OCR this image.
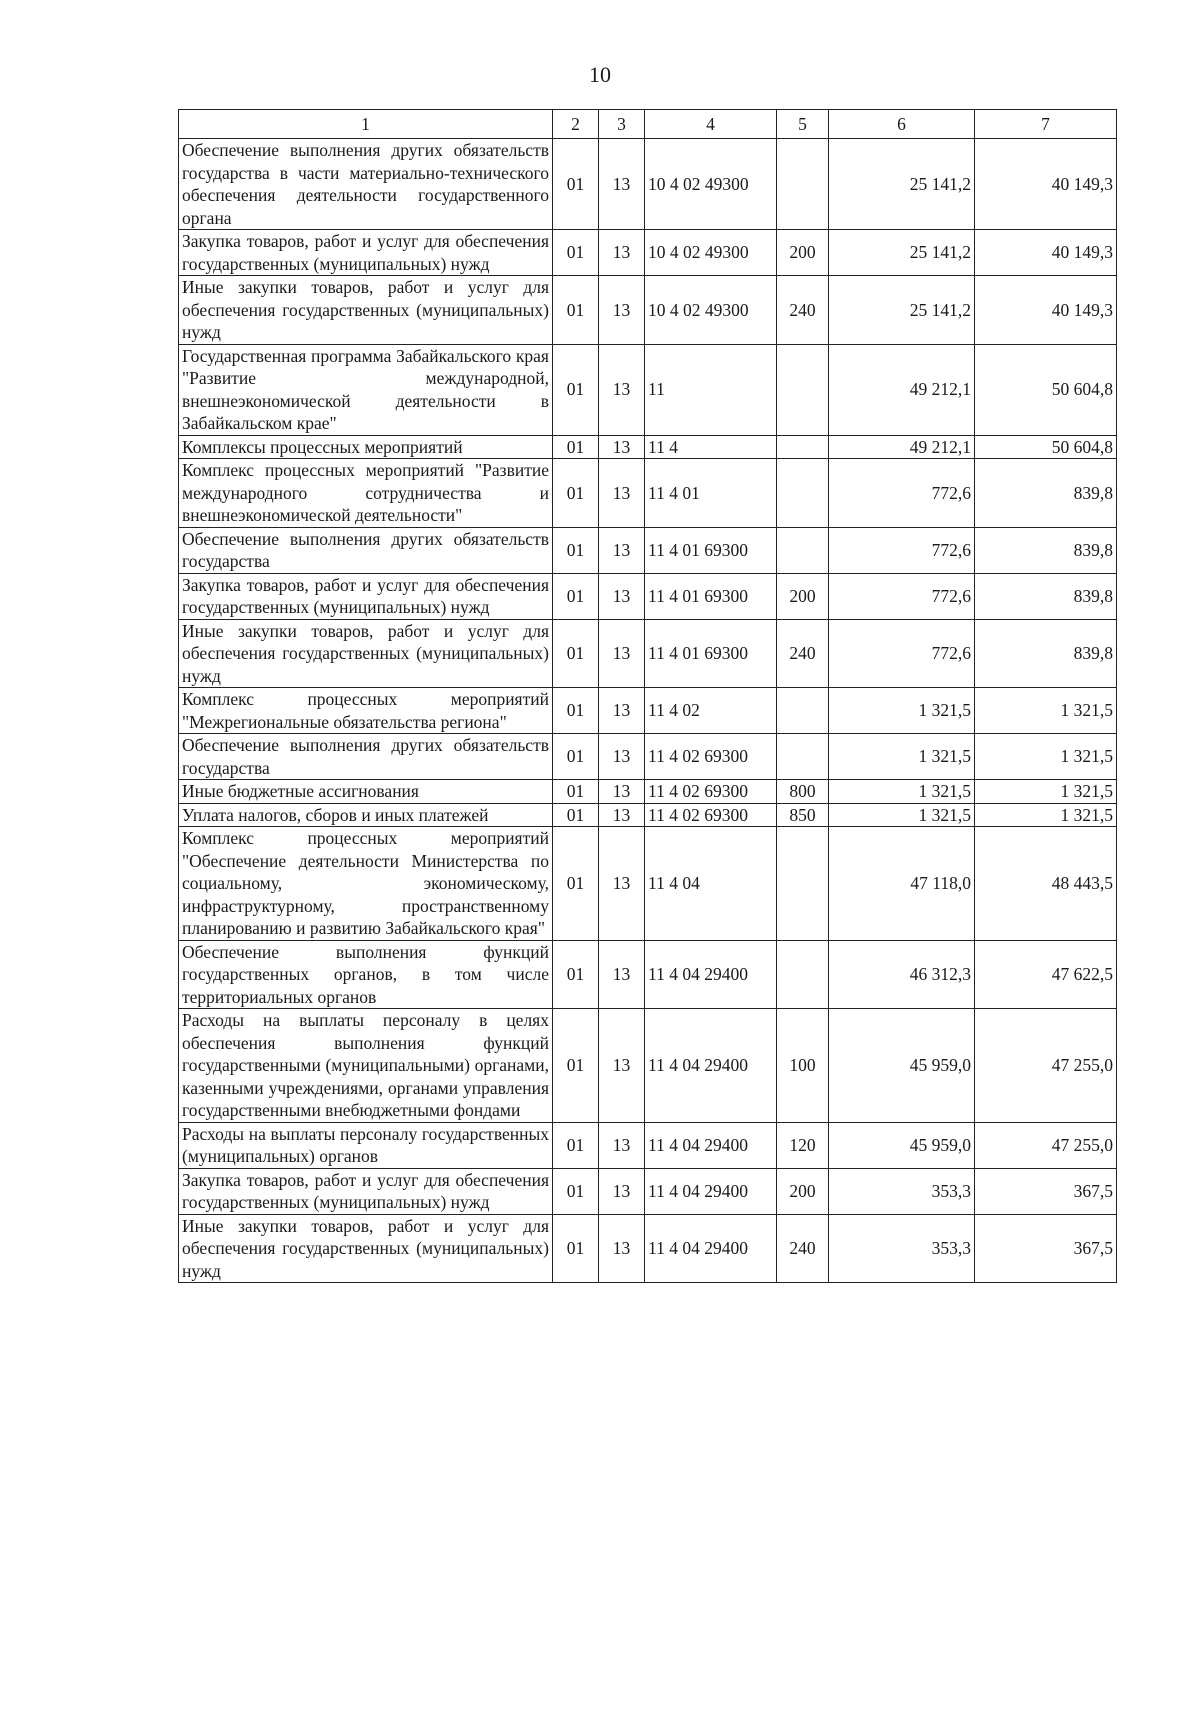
10
1	2	3	4	5	6	7
Обеспечение выполнения других обязательств государства в части материально-технического обеспечения деятельности государственного органа	01	13	10 4 02 49300		25 141,2	40 149,3
Закупка товаров, работ и услуг для обеспечения государственных (муниципальных) нужд	01	13	10 4 02 49300	200	25 141,2	40 149,3
Иные закупки товаров, работ и услуг для обеспечения государственных (муниципальных) нужд	01	13	10 4 02 49300	240	25 141,2	40 149,3
Государственная программа Забайкальского края "Развитие международной, внешнеэкономической деятельности в Забайкальском крае"	01	13	11		49 212,1	50 604,8
Комплексы процессных мероприятий	01	13	11 4		49 212,1	50 604,8
Комплекс процессных мероприятий "Развитие международного сотрудничества и внешнеэкономической деятельности"	01	13	11 4 01		772,6	839,8
Обеспечение выполнения других обязательств государства	01	13	11 4 01 69300		772,6	839,8
Закупка товаров, работ и услуг для обеспечения государственных (муниципальных) нужд	01	13	11 4 01 69300	200	772,6	839,8
Иные закупки товаров, работ и услуг для обеспечения государственных (муниципальных) нужд	01	13	11 4 01 69300	240	772,6	839,8
Комплекс процессных мероприятий "Межрегиональные обязательства региона"	01	13	11 4 02		1 321,5	1 321,5
Обеспечение выполнения других обязательств государства	01	13	11 4 02 69300		1 321,5	1 321,5
Иные бюджетные ассигнования	01	13	11 4 02 69300	800	1 321,5	1 321,5
Уплата налогов, сборов и иных платежей	01	13	11 4 02 69300	850	1 321,5	1 321,5
Комплекс процессных мероприятий "Обеспечение деятельности Министерства по социальному, экономическому, инфраструктурному, пространственному планированию и развитию Забайкальского края"	01	13	11 4 04		47 118,0	48 443,5
Обеспечение выполнения функций государственных органов, в том числе территориальных органов	01	13	11 4 04 29400		46 312,3	47 622,5
Расходы на выплаты персоналу в целях обеспечения выполнения функций государственными (муниципальными) органами, казенными учреждениями, органами управления государственными внебюджетными фондами	01	13	11 4 04 29400	100	45 959,0	47 255,0
Расходы на выплаты персоналу государственных (муниципальных) органов	01	13	11 4 04 29400	120	45 959,0	47 255,0
Закупка товаров, работ и услуг для обеспечения государственных (муниципальных) нужд	01	13	11 4 04 29400	200	353,3	367,5
Иные закупки товаров, работ и услуг для обеспечения государственных (муниципальных) нужд	01	13	11 4 04 29400	240	353,3	367,5
